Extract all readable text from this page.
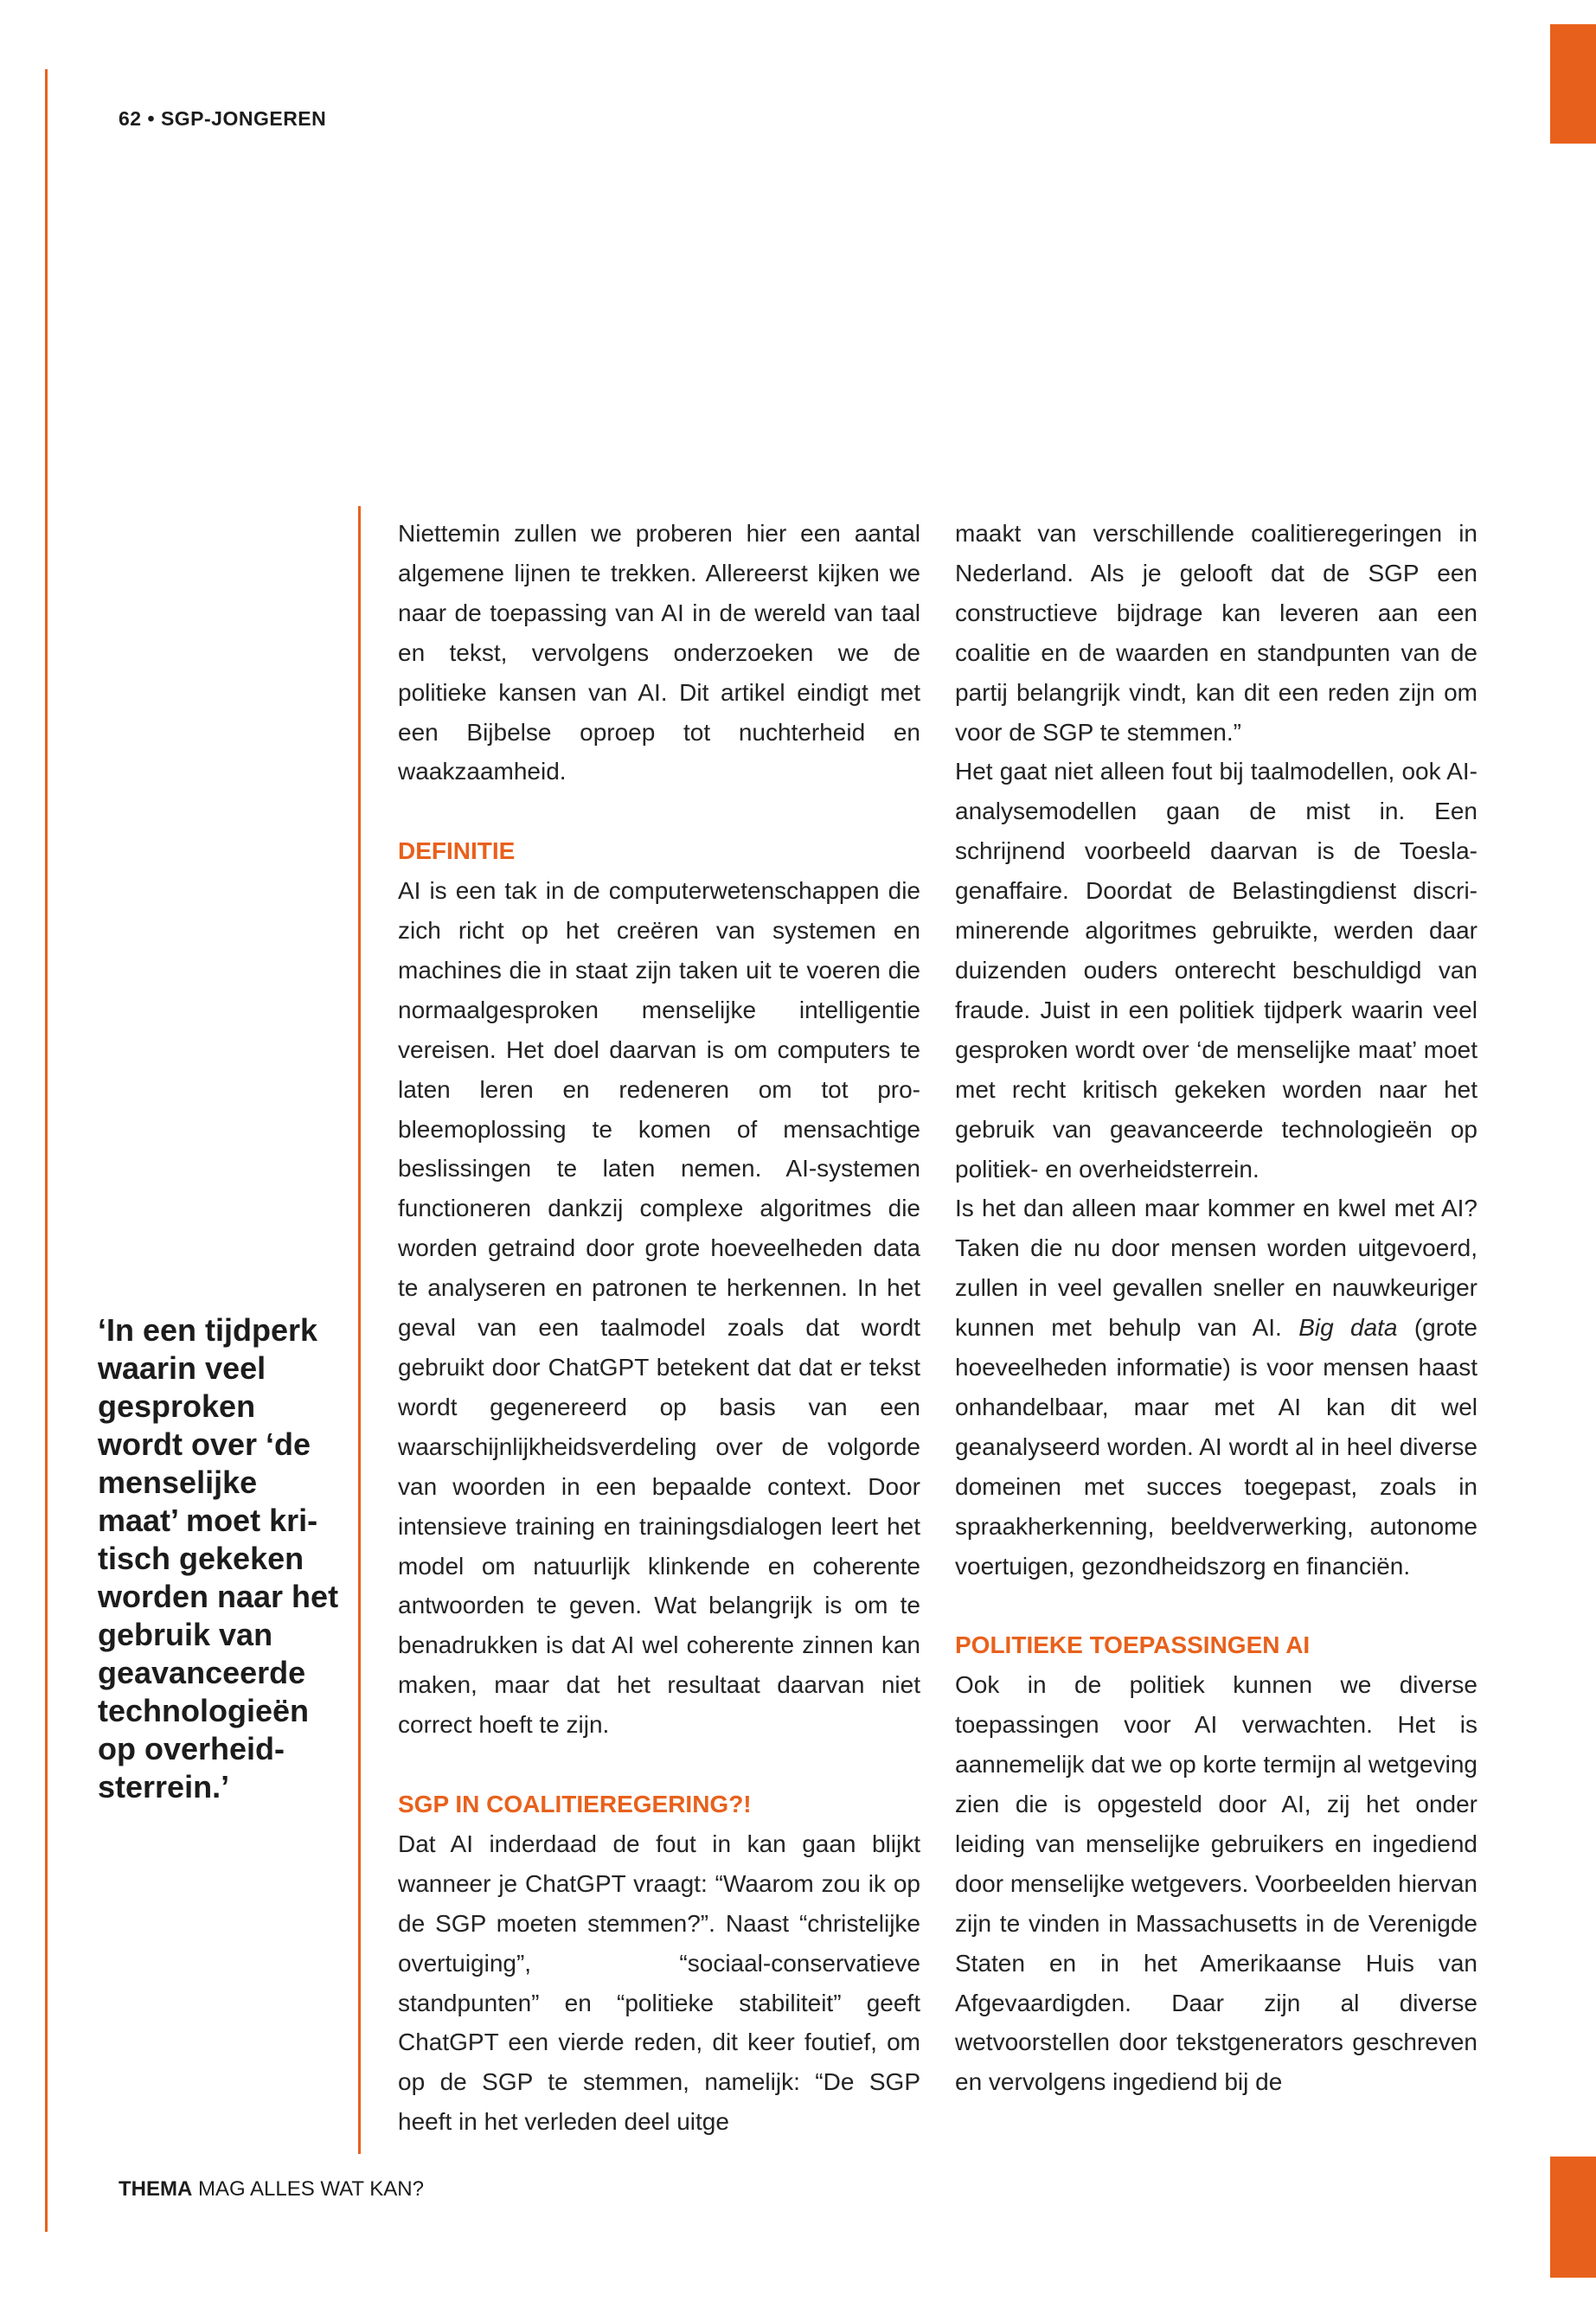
62 • SGP-JONGEREN

‘In een tijdperk waarin veel gesproken wordt over ‘de menselijke maat’ moet kritisch gekeken worden naar het gebruik van geavanceerde technologieën op overheidsterrein.’

Niettemin zullen we proberen hier een aantal algemene lijnen te trekken. Allereerst kijken we naar de toepassing van AI in de wereld van taal en tekst, vervolgens onderzoeken we de politieke kansen van AI. Dit artikel eindigt met een Bijbelse oproep tot nuchterheid en waakzaamheid.

DEFINITIE

AI is een tak in de computerwetenschappen die zich richt op het creëren van systemen en machines die in staat zijn taken uit te voeren die normaalgesproken menselijke intelligentie vereisen. Het doel daarvan is om computers te laten leren en redeneren om tot probleemoplossing te komen of mensachtige beslissingen te laten nemen. AI-systemen functioneren dankzij complexe algoritmes die worden getraind door grote hoeveelheden data te analyseren en patronen te herkennen. In het geval van een taalmodel zoals dat wordt gebruikt door ChatGPT betekent dat dat er tekst wordt gegenereerd op basis van een waarschijnlijkheidsverdeling over de volgorde van woorden in een bepaalde context. Door intensieve training en trainingsdialogen leert het model om natuurlijk klinkende en coherente antwoorden te geven. Wat belangrijk is om te benadrukken is dat AI wel coherente zinnen kan maken, maar dat het resultaat daarvan niet correct hoeft te zijn.

SGP IN COALITIEREGERING?!

Dat AI inderdaad de fout in kan gaan blijkt wanneer je ChatGPT vraagt: “Waarom zou ik op de SGP moeten stemmen?”. Naast “christelijke overtuiging”, “sociaal-conservatieve standpunten” en “politieke stabiliteit” geeft ChatGPT een vierde reden, dit keer foutief, om op de SGP te stemmen, namelijk: “De SGP heeft in het verleden deel uitge

maakt van verschillende coalitieregeringen in Nederland. Als je gelooft dat de SGP een constructieve bijdrage kan leveren aan een coalitie en de waarden en standpunten van de partij belangrijk vindt, kan dit een reden zijn om voor de SGP te stemmen.”

Het gaat niet alleen fout bij taalmodellen, ook AI-analysemodellen gaan de mist in. Een schrijnend voorbeeld daarvan is de Toeslagenaffaire. Doordat de Belastingdienst discriminerende algoritmes gebruikte, werden daar duizenden ouders onterecht beschuldigd van fraude. Juist in een politiek tijdperk waarin veel gesproken wordt over ‘de menselijke maat’ moet met recht kritisch gekeken worden naar het gebruik van geavanceerde technologieën op politiek- en overheidsterrein.

Is het dan alleen maar kommer en kwel met AI? Taken die nu door mensen worden uitgevoerd, zullen in veel gevallen sneller en nauwkeuriger kunnen met behulp van AI. Big data (grote hoeveelheden informatie) is voor mensen haast onhandelbaar, maar met AI kan dit wel geanalyseerd worden. AI wordt al in heel diverse domeinen met succes toegepast, zoals in spraakherkenning, beeldverwerking, autonome voertuigen, gezondheidszorg en financiën.

POLITIEKE TOEPASSINGEN AI

Ook in de politiek kunnen we diverse toepassingen voor AI verwachten. Het is aannemelijk dat we op korte termijn al wetgeving zien die is opgesteld door AI, zij het onder leiding van menselijke gebruikers en ingediend door menselijke wetgevers. Voorbeelden hiervan zijn te vinden in Massachusetts in de Verenigde Staten en in het Amerikaanse Huis van Afgevaardigden. Daar zijn al diverse wetvoorstellen door tekstgenerators geschreven en vervolgens ingediend bij de

THEMA MAG ALLES WAT KAN?
